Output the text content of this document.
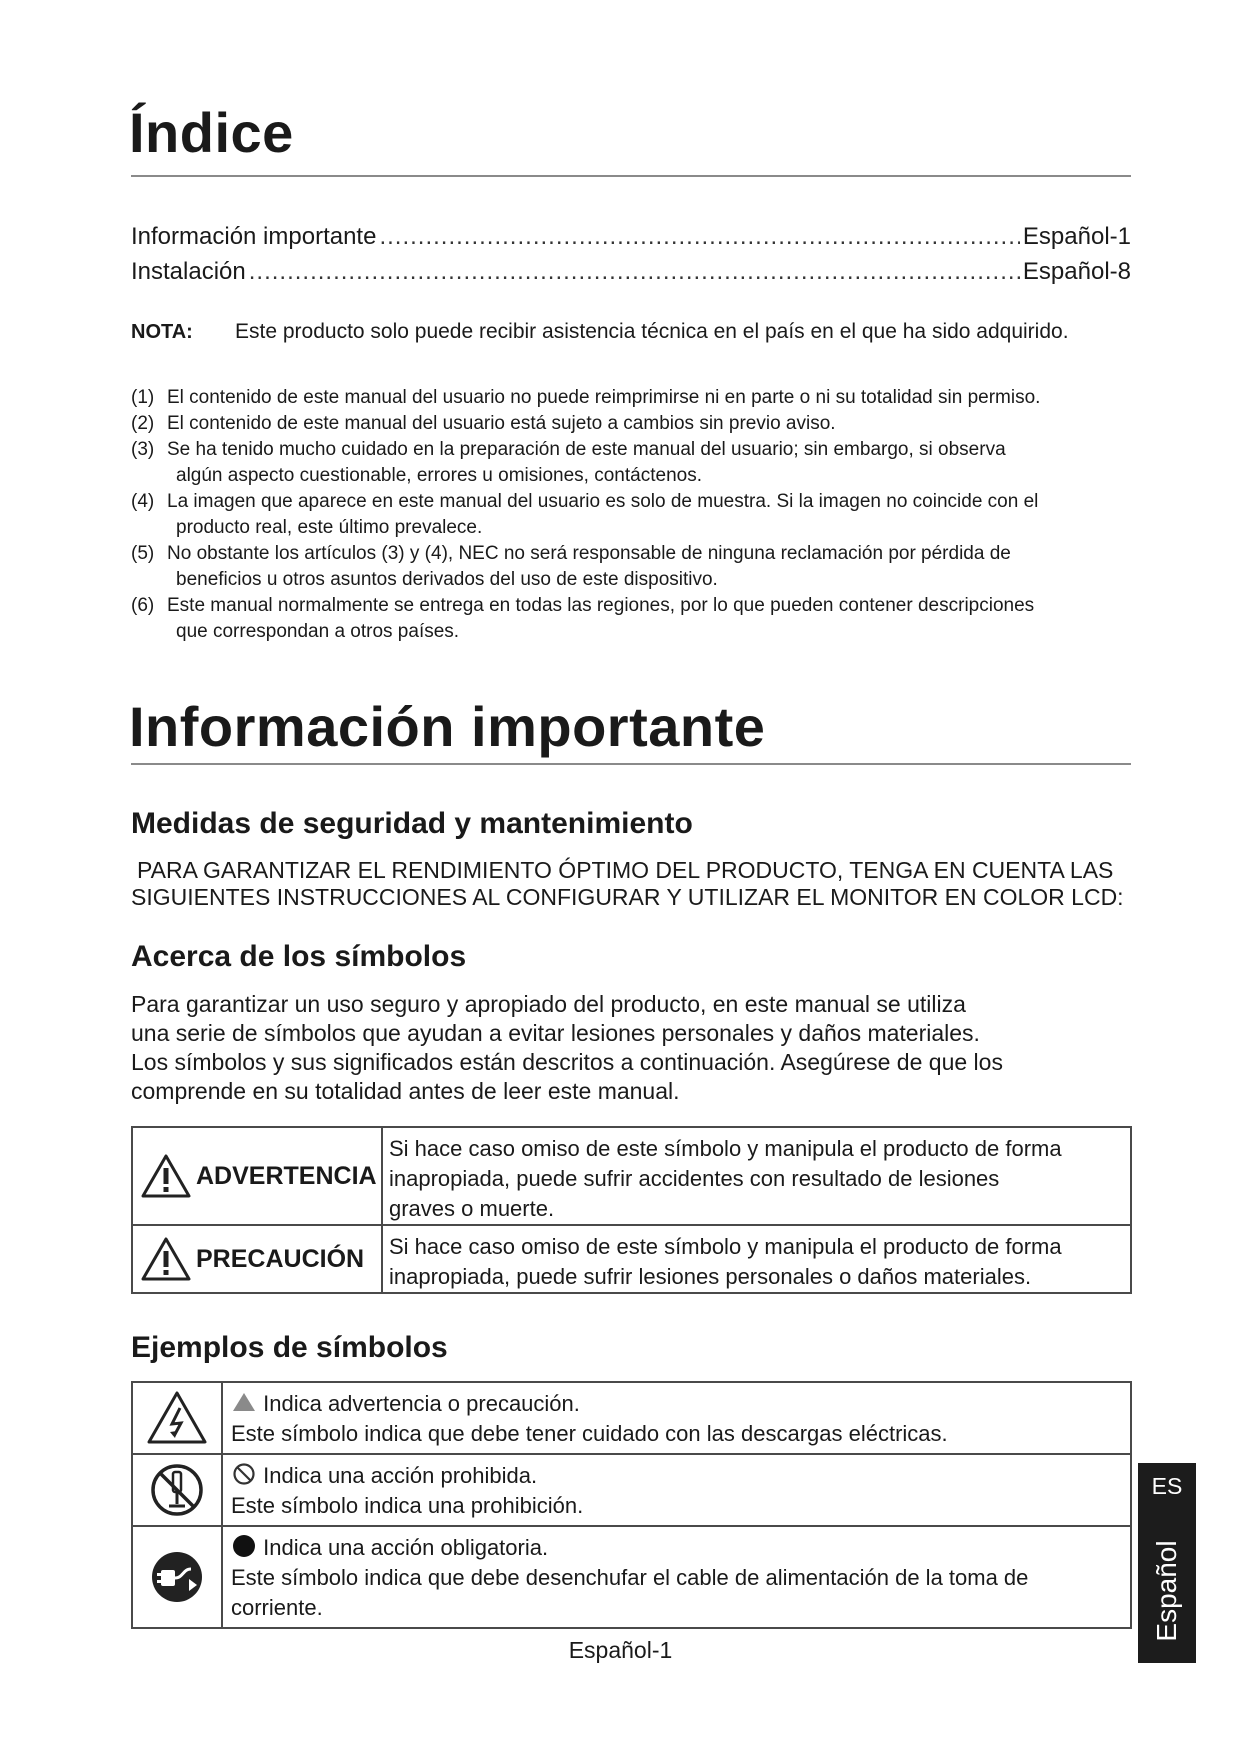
Índice
Información importante .....	Español-1
Instalación .....	Español-8
NOTA: Este producto solo puede recibir asistencia técnica en el país en el que ha sido adquirido.
(1) El contenido de este manual del usuario no puede reimprimirse ni en parte o ni su totalidad sin permiso.
(2) El contenido de este manual del usuario está sujeto a cambios sin previo aviso.
(3) Se ha tenido mucho cuidado en la preparación de este manual del usuario; sin embargo, si observa
algún aspecto cuestionable, errores u omisiones, contáctenos.
(4) La imagen que aparece en este manual del usuario es solo de muestra. Si la imagen no coincide con el
producto real, este último prevalece.
(5) No obstante los artículos (3) y (4), NEC no será responsable de ninguna reclamación por pérdida de
beneficios u otros asuntos derivados del uso de este dispositivo.
(6) Este manual normalmente se entrega en todas las regiones, por lo que pueden contener descripciones
que correspondan a otros países.
Información importante
Medidas de seguridad y mantenimiento
PARA GARANTIZAR EL RENDIMIENTO ÓPTIMO DEL PRODUCTO, TENGA EN CUENTA LAS
SIGUIENTES INSTRUCCIONES AL CONFIGURAR Y UTILIZAR EL MONITOR EN COLOR LCD:
Acerca de los símbolos
Para garantizar un uso seguro y apropiado del producto, en este manual se utiliza
una serie de símbolos que ayudan a evitar lesiones personales y daños materiales.
Los símbolos y sus significados están descritos a continuación. Asegúrese de que los
comprende en su totalidad antes de leer este manual.
ADVERTENCIA	Si hace caso omiso de este símbolo y manipula el producto de forma
inapropiada, puede sufrir accidentes con resultado de lesiones
graves o muerte.

PRECAUCIÓN	Si hace caso omiso de este símbolo y manipula el producto de forma
inapropiada, puede sufrir lesiones personales o daños materiales.
Ejemplos de símbolos

Indica advertencia o precaución.
Este símbolo indica que debe tener cuidado con las descargas eléctricas.

Indica una acción prohibida.
Este símbolo indica una prohibición.

Indica una acción obligatoria.
Este símbolo indica que debe desenchufar el cable de alimentación de la toma de
corriente.
Español-1
ES
Español
